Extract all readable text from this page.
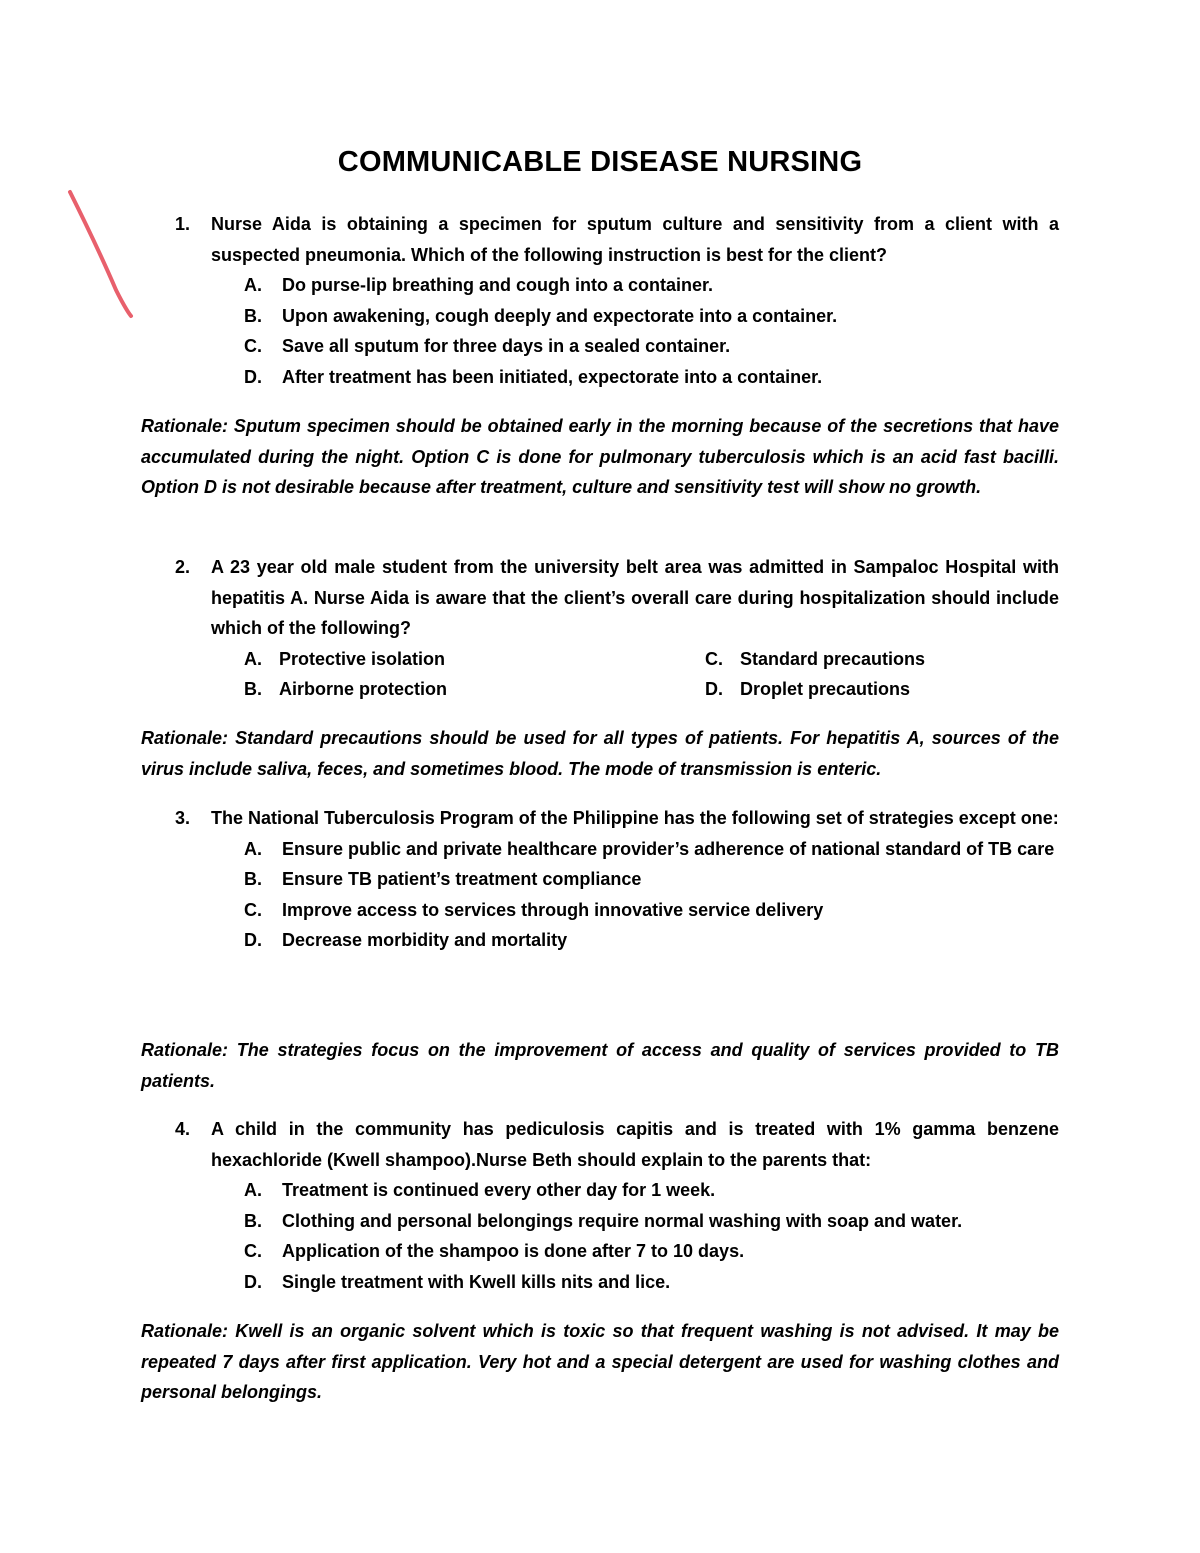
COMMUNICABLE DISEASE NURSING
1.	Nurse Aida is obtaining a specimen for sputum culture and sensitivity from a client with a suspected pneumonia. Which of the following instruction is best for the client?
A.	Do purse-lip breathing and cough into a container.
B.	Upon awakening, cough deeply and expectorate into a container.
C.	Save all sputum for three days in a sealed container.
D.	After treatment has been initiated, expectorate into a container.

Rationale: Sputum specimen should be obtained early in the morning because of the secretions that have accumulated during the night. Option C is done for pulmonary tuberculosis which is an acid fast bacilli. Option D is not desirable because after treatment, culture and sensitivity test will show no growth.

2.	A 23 year old male student from the university belt area was admitted in Sampaloc Hospital with hepatitis A. Nurse Aida is aware that the client’s overall care during hospitalization should include which of the following?
A. Protective isolation	C. Standard precautions
B. Airborne protection	D. Droplet precautions

Rationale: Standard precautions should be used for all types of patients. For hepatitis A, sources of the virus include saliva, feces, and sometimes blood. The mode of transmission is enteric.

3.	The National Tuberculosis Program of the Philippine has the following set of strategies except one:
A.	Ensure public and private healthcare provider’s adherence of national standard of TB care
B.	Ensure TB patient’s treatment compliance
C.	Improve access to services through innovative service delivery
D.	Decrease morbidity and mortality

Rationale: The strategies focus on the improvement of access and quality of services provided to TB patients.

4.	A child in the community has pediculosis capitis and is treated with 1% gamma benzene hexachloride (Kwell shampoo).Nurse Beth should explain to the parents that:
A.	Treatment is continued every other day for 1 week.
B.	Clothing and personal belongings require normal washing with soap and water.
C.	Application of the shampoo is done after 7 to 10 days.
D.	Single treatment with Kwell kills nits and lice.

Rationale: Kwell is an organic solvent which is toxic so that frequent washing is not advised. It may be repeated 7 days after first application. Very hot and a special detergent are used for washing clothes and personal belongings.
